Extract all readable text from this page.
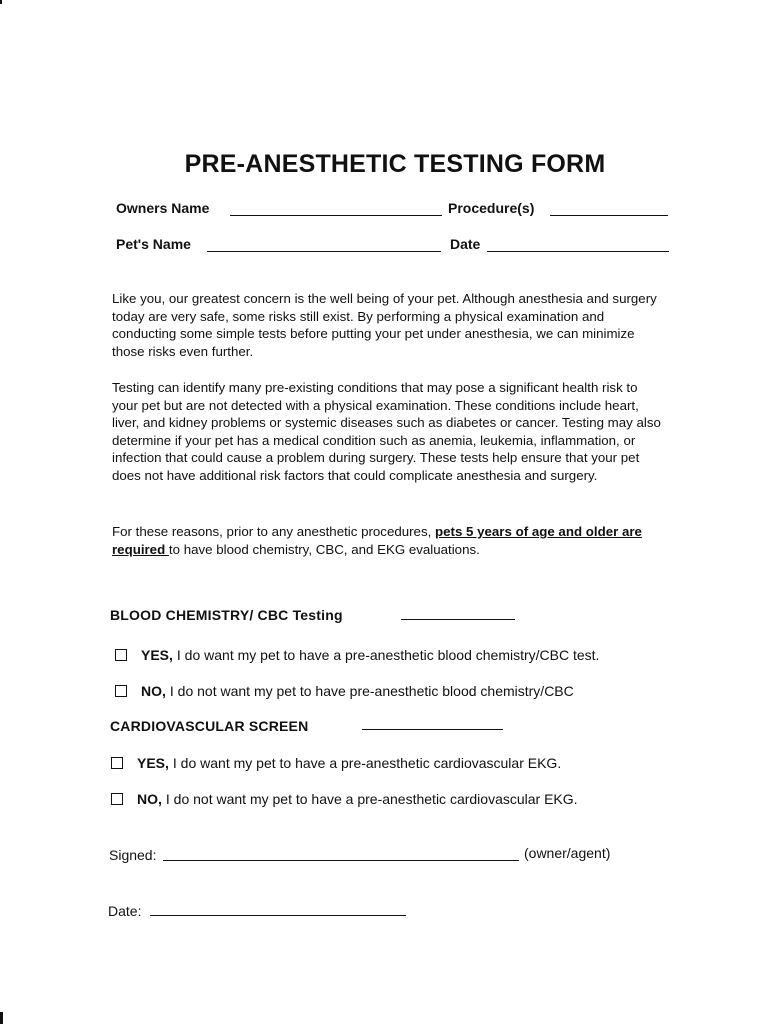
PRE-ANESTHETIC TESTING FORM
Owners Name	Procedure(s)
Pet's Name	Date

Like you, our greatest concern is the well being of your pet. Although anesthesia and surgery today are very safe, some risks still exist. By performing a physical examination and conducting some simple tests before putting your pet under anesthesia, we can minimize those risks even further.

Testing can identify many pre-existing conditions that may pose a significant health risk to your pet but are not detected with a physical examination. These conditions include heart, liver, and kidney problems or systemic diseases such as diabetes or cancer. Testing may also determine if your pet has a medical condition such as anemia, leukemia, inflammation, or infection that could cause a problem during surgery. These tests help ensure that your pet does not have additional risk factors that could complicate anesthesia and surgery.

For these reasons, prior to any anesthetic procedures, pets 5 years of age and older are required to have blood chemistry, CBC, and EKG evaluations.

BLOOD CHEMISTRY/ CBC Testing
YES, I do want my pet to have a pre-anesthetic blood chemistry/CBC test.
NO, I do not want my pet to have pre-anesthetic blood chemistry/CBC
CARDIOVASCULAR SCREEN
YES, I do want my pet to have a pre-anesthetic cardiovascular EKG.
NO, I do not want my pet to have a pre-anesthetic cardiovascular EKG.
Signed:	(owner/agent)
Date:
